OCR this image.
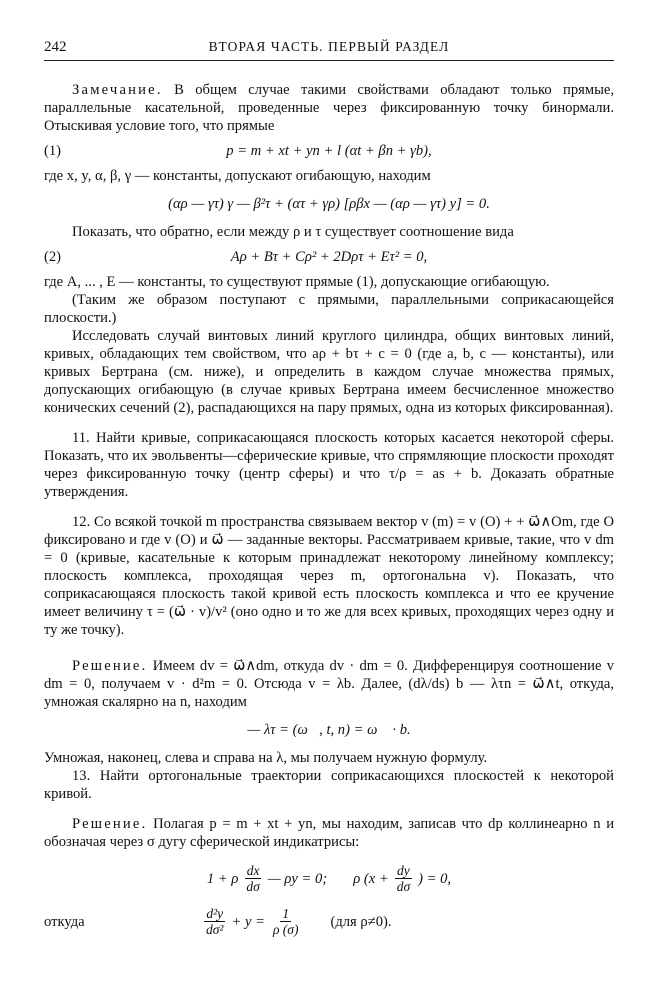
242	ВТОРАЯ ЧАСТЬ. ПЕРВЫЙ РАЗДЕЛ

Замечание. В общем случае такими свойствами обладают только прямые, параллельные касательной, проведенные через фиксированную точку бинормали. Отыскивая условие того, что прямые

(1)	p = m + xt + yn + l (αt + βn + γb),

где x, y, α, β, γ — константы, допускают огибающую, находим

(αρ — γτ) γ — β²τ + (ατ + γρ) [ρβx — (αρ — γτ) y] = 0.

Показать, что обратно, если между ρ и τ существует соотношение вида

(2)	Aρ + Bτ + Cρ² + 2Dρτ + Eτ² = 0,

где A, ... , E — константы, то существуют прямые (1), допускающие огибающую.

(Таким же образом поступают с прямыми, параллельными соприкасающейся плоскости.)

Исследовать случай винтовых линий круглого цилиндра, общих винтовых линий, кривых, обладающих тем свойством, что aρ + bτ + c = 0 (где a, b, c — константы), или кривых Бертрана (см. ниже), и определить в каждом случае множества прямых, допускающих огибающую (в случае кривых Бертрана имеем бесчисленное множество конических сечений (2), распадающихся на пару прямых, одна из которых фиксированная).

11. Найти кривые, соприкасающаяся плоскость которых касается некоторой сферы. Показать, что их эвольвенты—сферические кривые, что спрямляющие плоскости проходят через фиксированную точку (центр сферы) и что τ/ρ = as + b. Доказать обратные утверждения.

12. Со всякой точкой m пространства связываем вектор v (m) = v (O) + + ω⃗∧Om, где O фиксировано и где v (O) и ω⃗ — заданные векторы. Рассматриваем кривые, такие, что v dm = 0 (кривые, касательные к которым принадлежат некоторому линейному комплексу; плоскость комплекса, проходящая через m, ортогональна v). Показать, что соприкасающаяся плоскость такой кривой есть плоскость комплекса и что ее кручение имеет величину τ = (ω⃗ · v)/v² (оно одно и то же для всех кривых, проходящих через одну и ту же точку).

Решение. Имеем dv = ω⃗∧dm, откуда dv · dm = 0. Дифференцируя соотношение v dm = 0, получаем v · d²m = 0. Отсюда v = λb. Далее, (dλ/ds) b — λτn = ω⃗∧t, откуда, умножая скалярно на n, находим

— λτ = (ω⃗, t, n) = ω⃗ · b.

Умножая, наконец, слева и справа на λ, мы получаем нужную формулу.

13. Найти ортогональные траектории соприкасающихся плоскостей к некоторой кривой.

Решение. Полагая p = m + xt + yn, мы находим, записав что dp коллинеарно n и обозначая через σ дугу сферической индикатрисы:

1 + ρ $\frac{dx}{d\sigma}$ — ρy = 0; ρ ($x + \frac{dy}{d\sigma}$ ) = 0,
откуда	$\frac{\text{d²y}}{\text{dσ²}} + y = \frac{1}{\rho (\sigma)} (для$ ρ≠0).
